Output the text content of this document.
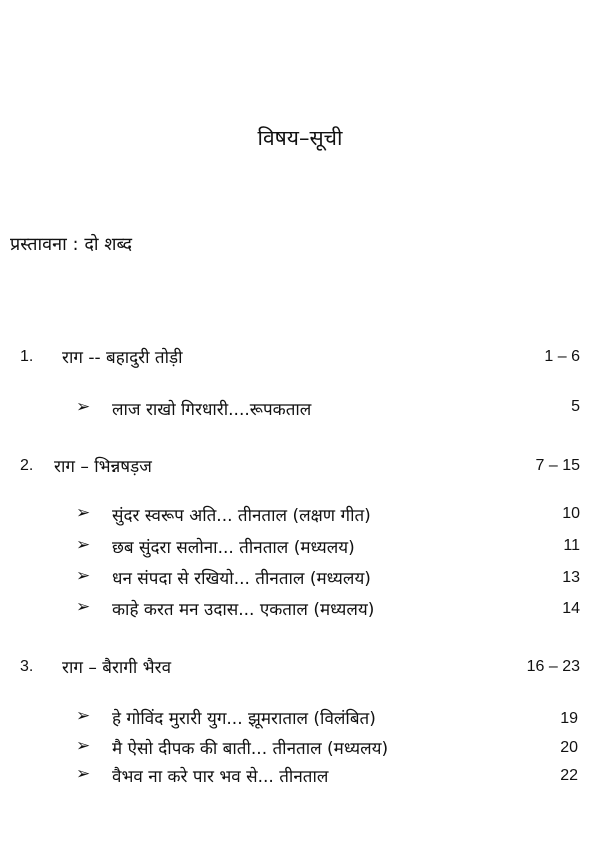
विषय–सूची
प्रस्तावना : दो शब्द
1. राग -- बहादुरी तोड़ी	1 – 6
➢ लाज राखो गिरधारी....रूपकताल	5
2. राग – भिन्नषड़ज	7 – 15
➢ सुंदर स्वरूप अति... तीनताल (लक्षण गीत)	10
➢ छब सुंदरा सलोना... तीनताल (मध्यलय)	11
➢ धन संपदा से रखियो... तीनताल (मध्यलय)	13
➢ काहे करत मन उदास... एकताल (मध्यलय)	14
3. राग – बैरागी भैरव	16 – 23
➢ हे गोविंद मुरारी युग... झूमराताल (विलंबित)	19
➢ मै ऐसो दीपक की बाती... तीनताल (मध्यलय)	20
➢ वैभव ना करे पार भव से... तीनताल	22
